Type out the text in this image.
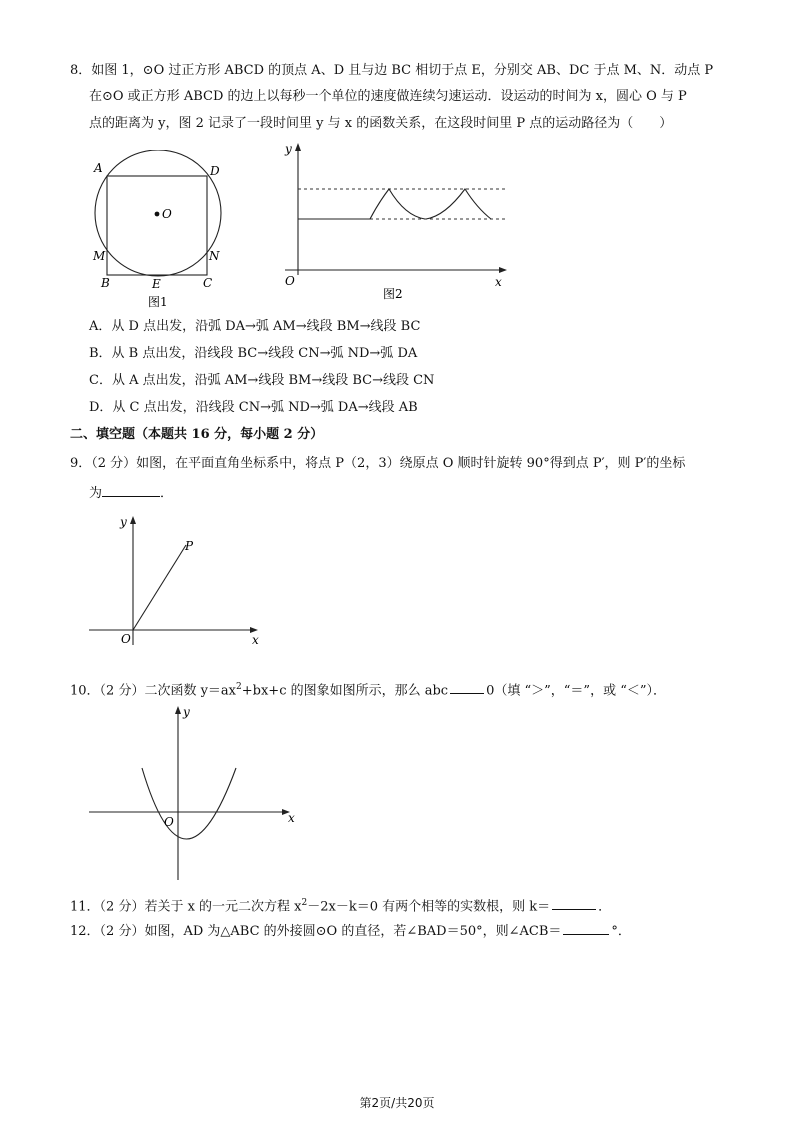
8．如图 1，⊙O 过正方形 ABCD 的顶点 A、D 且与边 BC 相切于点 E，分别交 AB、DC 于点 M、N．动点 P
在⊙O 或正方形 ABCD 的边上以每秒一个单位的速度做连续匀速运动．设运动的时间为 x，圆心 O 与 P
点的距离为 y，图 2 记录了一段时间里 y 与 x 的函数关系，在这段时间里 P 点的运动路径为（　　）
O
A	D
M	N
B	E	C
图1
y
O	x
图2
A．从 D 点出发，沿弧 DA→弧 AM→线段 BM→线段 BC
B．从 B 点出发，沿线段 BC→线段 CN→弧 ND→弧 DA
C．从 A 点出发，沿弧 AM→线段 BM→线段 BC→线段 CN
D．从 C 点出发，沿线段 CN→弧 ND→弧 DA→线段 AB
二、填空题（本题共 16 分，每小题 2 分）
9．（2 分）如图，在平面直角坐标系中，将点 P（2，3）绕原点 O 顺时针旋转 90°得到点 P′，则 P′的坐标
为	．
y
P
O	x
10．（2 分）二次函数 $y=ax^2+bx+c$ 的图象如图所示，那么 abc	0（填 “＞”，“＝”，或 “＜”）．
y
O	x
11．（2 分）若关于 x 的一元二次方程 $x^2-2x-k=0$ 有两个相等的实数根，则 k＝	．
12．（2 分）如图，AD 为△ABC 的外接圆⊙O 的直径，若∠BAD＝50°，则∠ACB＝	°．
第2页/共20页
